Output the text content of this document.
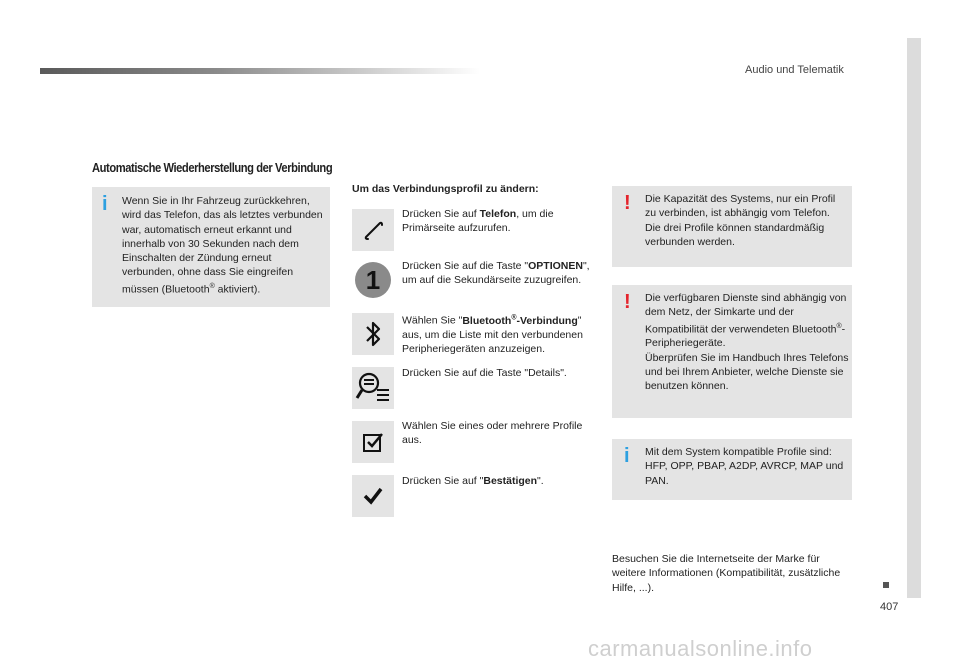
Audio und Telematik
407
Automatische Wiederherstellung der Verbindung
i Wenn Sie in Ihr Fahrzeug zurückkehren, wird das Telefon, das als letztes verbunden war, automatisch erneut erkannt und innerhalb von 30 Sekunden nach dem Einschalten der Zündung erneut verbunden, ohne dass Sie eingreifen müssen (Bluetooth® aktiviert).
Um das Verbindungsprofil zu ändern:
Drücken Sie auf Telefon, um die Primärseite aufzurufen.
1 Drücken Sie auf die Taste "OPTIONEN", um auf die Sekundärseite zuzugreifen.
Wählen Sie "Bluetooth®-Verbindung" aus, um die Liste mit den verbundenen Peripheriegeräten anzuzeigen.
Drücken Sie auf die Taste "Details".
Wählen Sie eines oder mehrere Profile aus.
Drücken Sie auf "Bestätigen".
! Die Kapazität des Systems, nur ein Profil zu verbinden, ist abhängig vom Telefon.
Die drei Profile können standardmäßig verbunden werden.
! Die verfügbaren Dienste sind abhängig von dem Netz, der Simkarte und der Kompatibilität der verwendeten Bluetooth®-Peripheriegeräte.
Überprüfen Sie im Handbuch Ihres Telefons und bei Ihrem Anbieter, welche Dienste sie benutzen können.
i Mit dem System kompatible Profile sind: HFP, OPP, PBAP, A2DP, AVRCP, MAP und PAN.
Besuchen Sie die Internetseite der Marke für weitere Informationen (Kompatibilität, zusätzliche Hilfe, ...).
carmanualsonline.info
